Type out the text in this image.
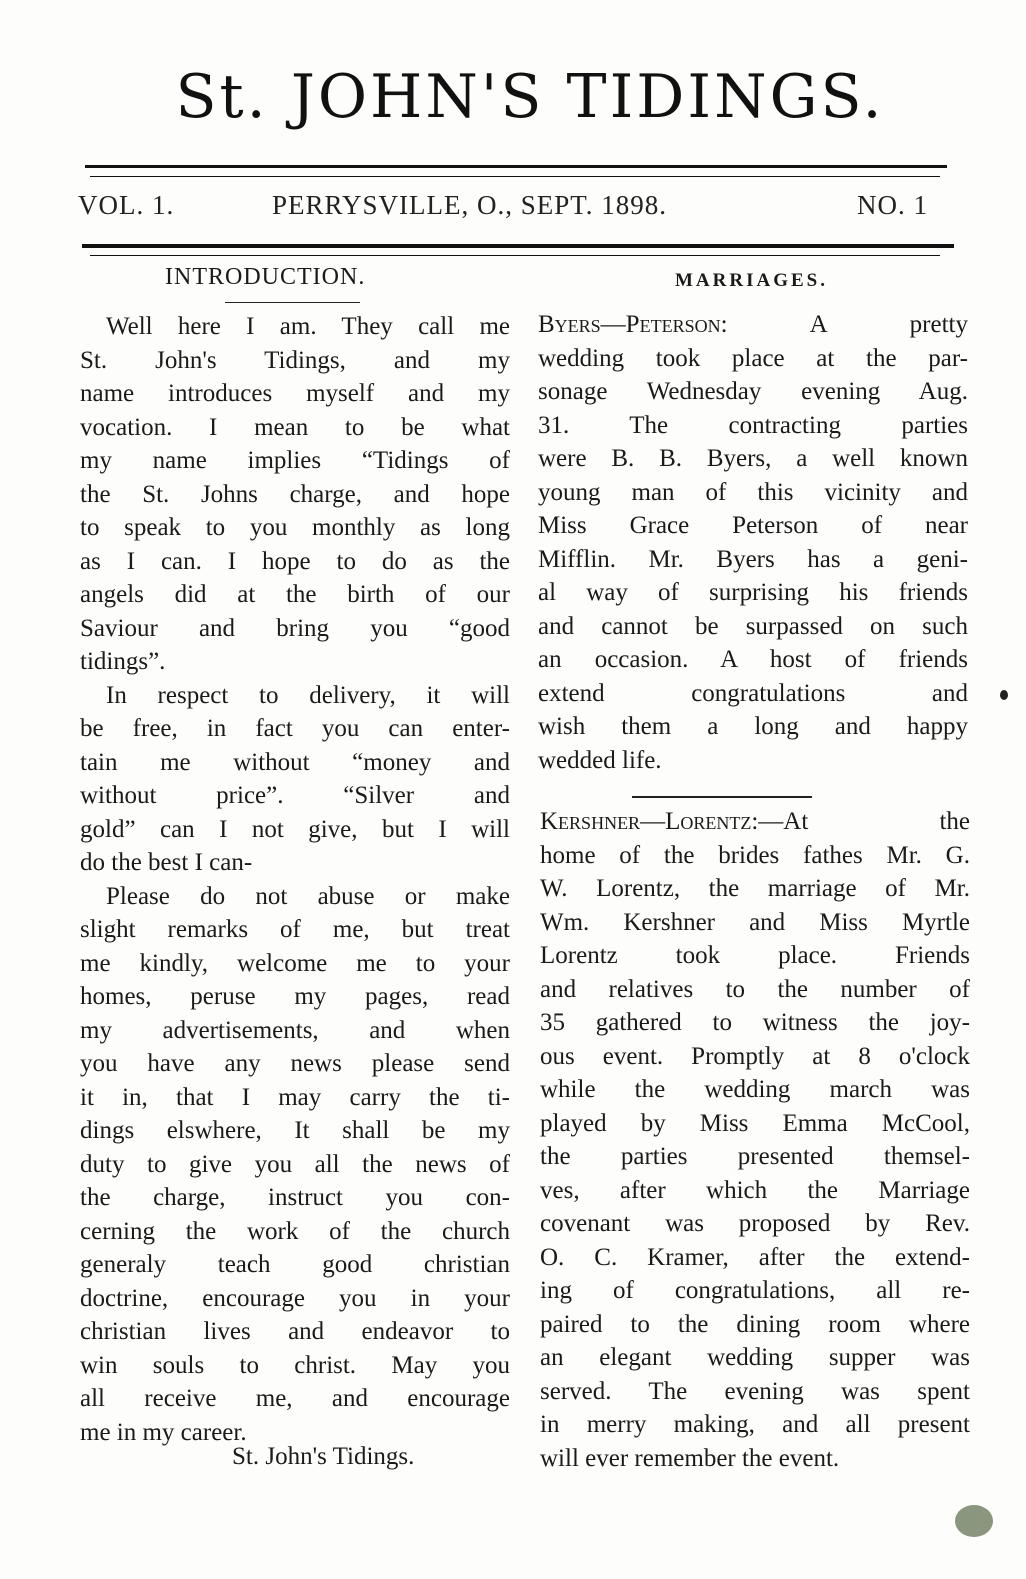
St. JOHN'S TIDINGS.
VOL. 1.	PERRYSVILLE, O., SEPT. 1898.	NO. 1
INTRODUCTION.	MARRIAGES.
Well here I am. They call me
St. John's Tidings, and my
name introduces myself and my
vocation. I mean to be what
my name implies “Tidings of
the St. Johns charge, and hope
to speak to you monthly as long
as I can. I hope to do as the
angels did at the birth of our
Saviour and bring you “good
tidings”.
In respect to delivery, it will
be free, in fact you can enter-
tain me without “money and
without price”. “Silver and
gold” can I not give, but I will
do the best I can-
Please do not abuse or make
slight remarks of me, but treat
me kindly, welcome me to your
homes, peruse my pages, read
my advertisements, and when
you have any news please send
it in, that I may carry the ti-
dings elswhere, It shall be my
duty to give you all the news of
the charge, instruct you con-
cerning the work of the church
generaly teach good christian
doctrine, encourage you in your
christian lives and endeavor to
win souls to christ. May you
all receive me, and encourage
me in my career.
Byers—Peterson: A pretty
wedding took place at the par-
sonage Wednesday evening Aug.
31. The contracting parties
were B. B. Byers, a well known
young man of this vicinity and
Miss Grace Peterson of near
Mifflin. Mr. Byers has a geni-
al way of surprising his friends
and cannot be surpassed on such
an occasion. A host of friends
extend congratulations and
wish them a long and happy
wedded life.
Kershner—Lorentz:—At the
home of the brides fathes Mr. G.
W. Lorentz, the marriage of Mr.
Wm. Kershner and Miss Myrtle
Lorentz took place. Friends
and relatives to the number of
35 gathered to witness the joy-
ous event. Promptly at 8 o'clock
while the wedding march was
played by Miss Emma McCool,
the parties presented themsel-
ves, after which the Marriage
covenant was proposed by Rev.
O. C. Kramer, after the extend-
ing of congratulations, all re-
paired to the dining room where
an elegant wedding supper was
served. The evening was spent
in merry making, and all present
will ever remember the event.
St. John's Tidings.
